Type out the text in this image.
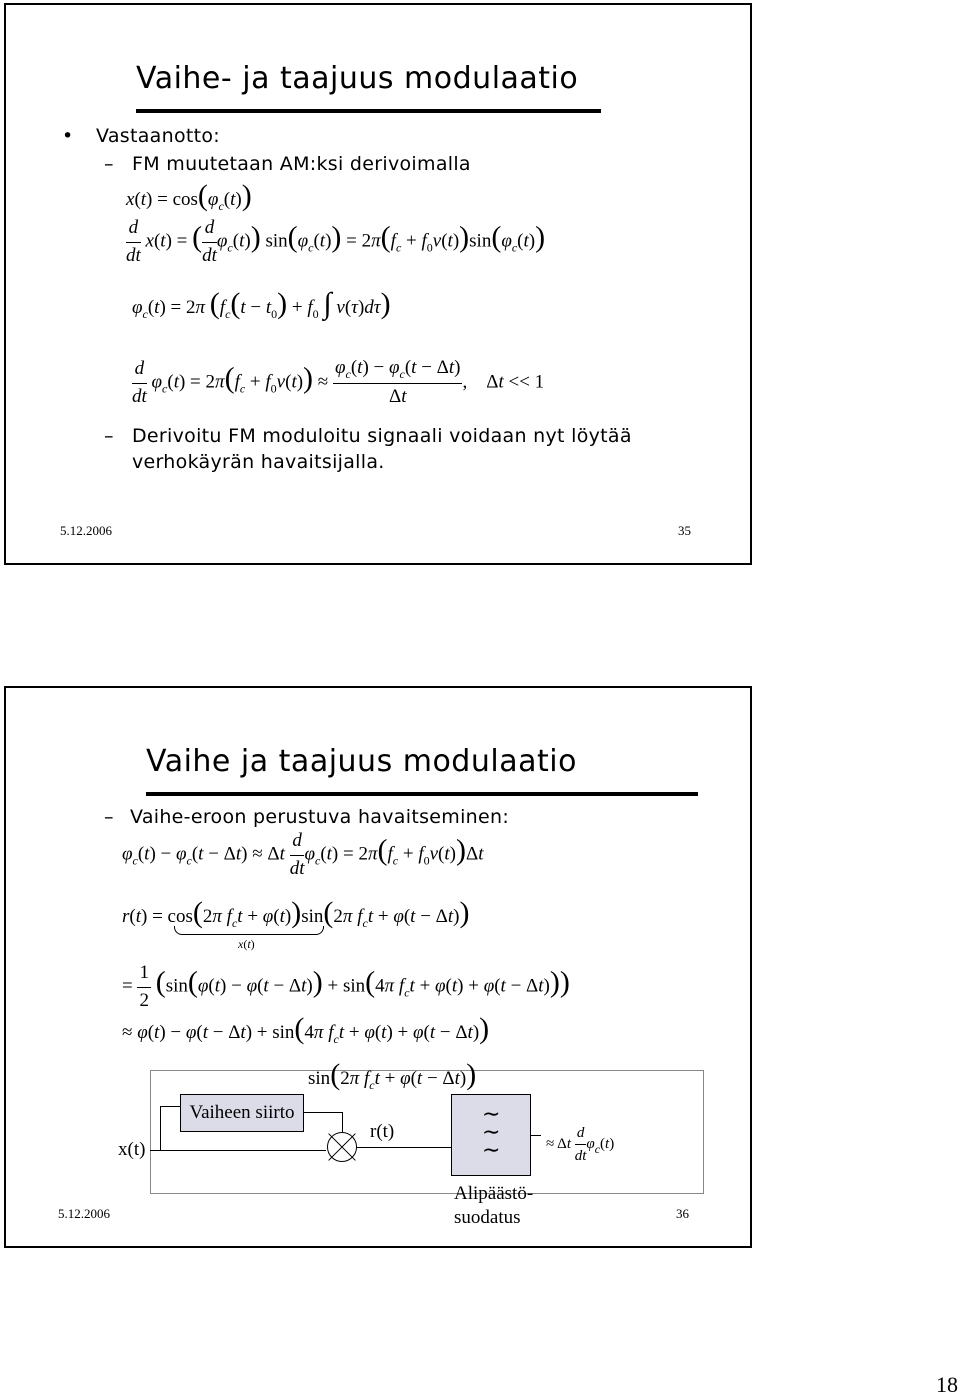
Vaihe- ja taajuus modulaatio
• Vastaanotto:
– FM muutetaan AM:ksi derivoimalla
$x(t) = \cos(\varphi_c(t))$
$\frac{d}{dt} x(t)$ = ( $\frac{d}{dt} \varphi_c(t)$) $\sin(\varphi_c(t)) = 2\pi(f_c + f_0v(t))\sin(\varphi_c(t))$
$\varphi_c(t) = 2\pi$ ($f_c(t - t_0) + f_0$ ∫ v(τ)dτ)
$\frac{d}{dt} \varphi_c(t) = 2\pi(f_c + f_0v(t)) \approx \frac{\varphi_c(t) - \varphi_c(t - \Delta t)}{\Delta t}$ ,    Δt << 1
– Derivoitu FM moduloitu signaali voidaan nyt löytää
verhokäyrän havaitsijalla.
5.12.2006	35
Vaihe ja taajuus modulaatio
– Vaihe-eroon perustuva havaitseminen:
$\varphi_c(t) - \varphi_c(t - \Delta t) \approx \Delta t \frac{d}{dt} \varphi_c(t) = 2\pi(f_c + f_0v(t))\Delta t$
r(t) = cos(2π $f_ct + \varphi(t))\sin(2\pi$ $f_ct + \varphi(t - \Delta t)$)
x(t)
= $\frac{1}{2} (\sin(\varphi(t) - \varphi(t - \Delta t)) + \sin(4\pi$ $f_ct + \varphi(t) + \varphi(t - \Delta t)$))
≈ φ(t) − φ(t − Δt) + sin(4π $f_ct + \varphi(t) + \varphi(t - \Delta t)$)
x(t)
Vaiheen siirto
sin(2π $f_ct + \varphi(t - \Delta t)$)
r(t)
∼
∼
∼
Alipäästö-
suodatus
≈ Δt $\frac{d}{dt} \varphi_c(t)$
5.12.2006	36
18
